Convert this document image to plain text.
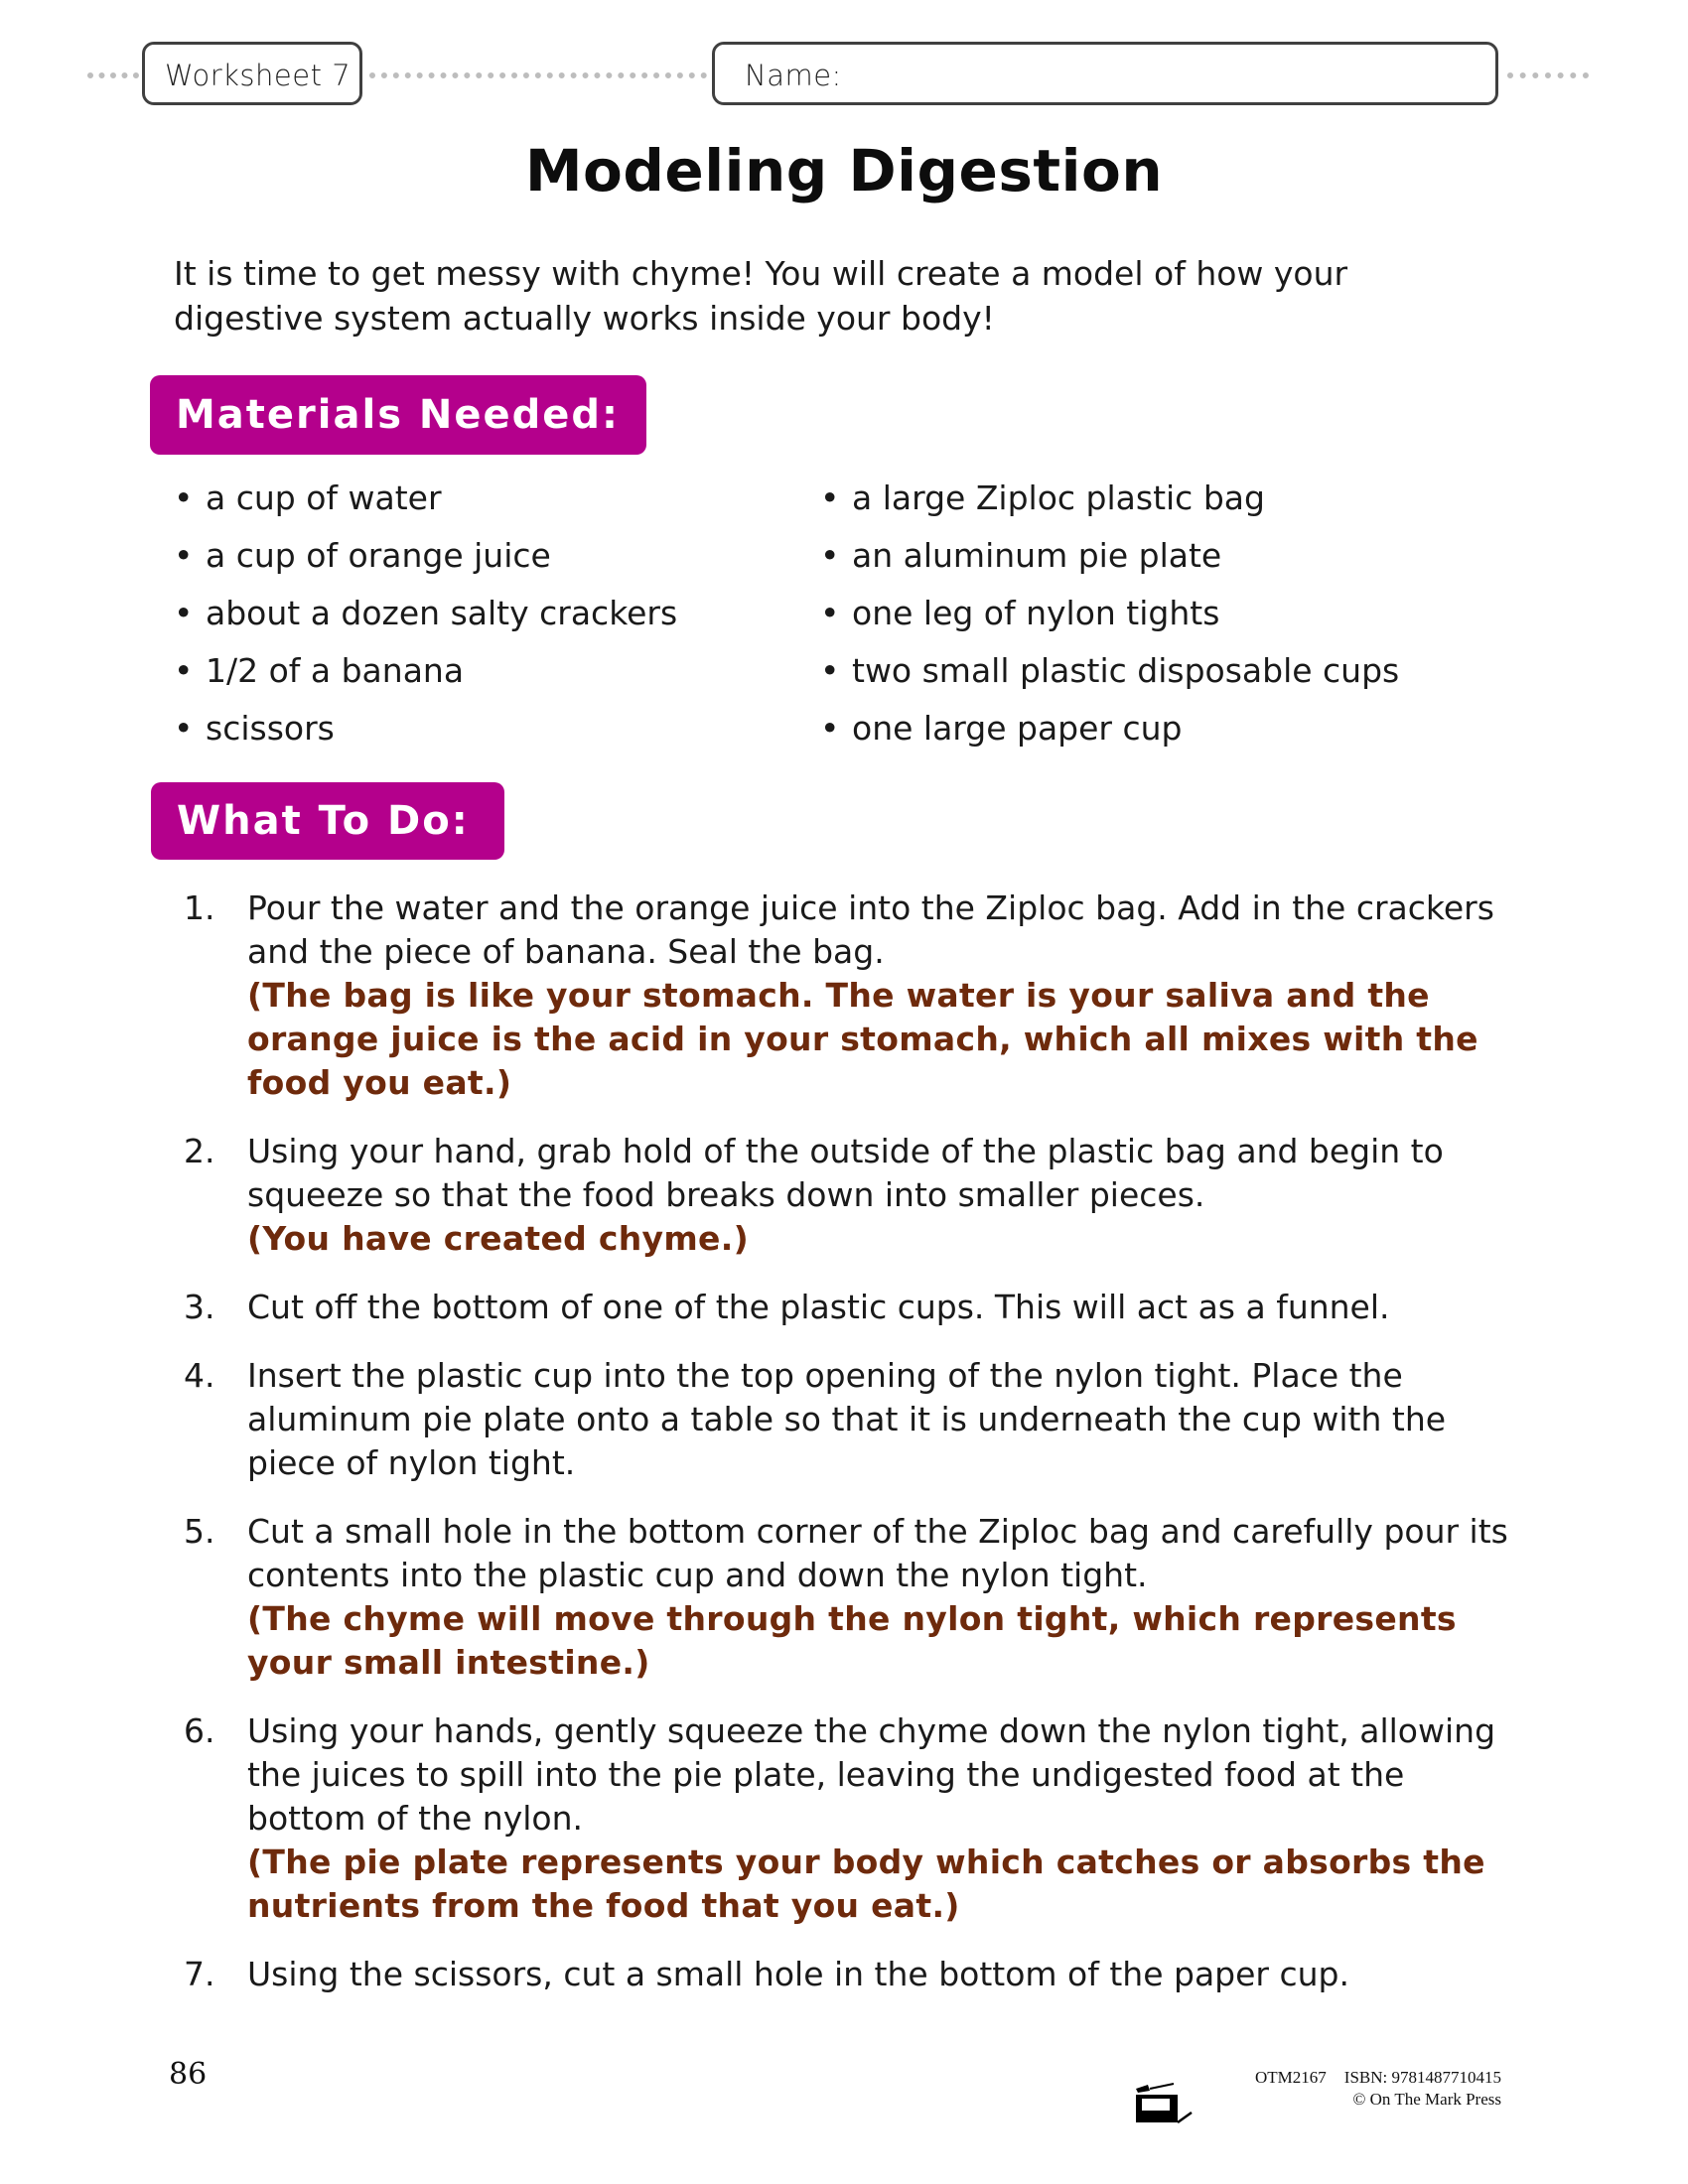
Worksheet 7	Name:
Modeling Digestion

It is time to get messy with chyme! You will create a model of how your digestive system actually works inside your body!

Materials Needed:
• a cup of water
• a cup of orange juice
• about a dozen salty crackers
• 1/2 of a banana
• scissors
• a large Ziploc plastic bag
• an aluminum pie plate
• one leg of nylon tights
• two small plastic disposable cups
• one large paper cup
What To Do:
1. Pour the water and the orange juice into the Ziploc bag. Add in the crackers and the piece of banana. Seal the bag.
(The bag is like your stomach. The water is your saliva and the orange juice is the acid in your stomach, which all mixes with the food you eat.)
2. Using your hand, grab hold of the outside of the plastic bag and begin to squeeze so that the food breaks down into smaller pieces.
(You have created chyme.)
3. Cut off the bottom of one of the plastic cups. This will act as a funnel.
4. Insert the plastic cup into the top opening of the nylon tight. Place the aluminum pie plate onto a table so that it is underneath the cup with the piece of nylon tight.
5. Cut a small hole in the bottom corner of the Ziploc bag and carefully pour its contents into the plastic cup and down the nylon tight.
(The chyme will move through the nylon tight, which represents your small intestine.)
6. Using your hands, gently squeeze the chyme down the nylon tight, allowing the juices to spill into the pie plate, leaving the undigested food at the bottom of the nylon.
(The pie plate represents your body which catches or absorbs the nutrients from the food that you eat.)
7. Using the scissors, cut a small hole in the bottom of the paper cup.
86	OTM2167 ISBN: 9781487710415
© On The Mark Press
